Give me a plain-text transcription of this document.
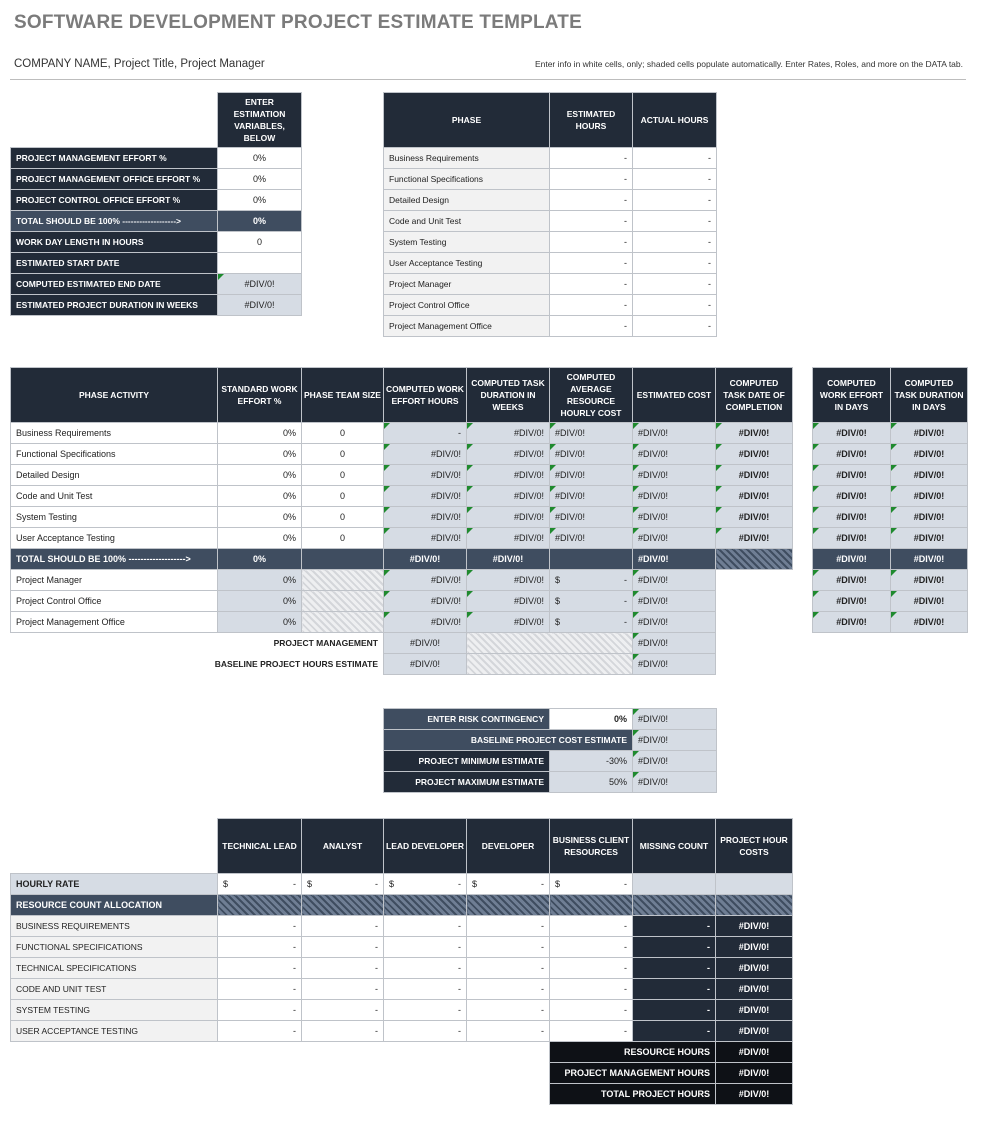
SOFTWARE DEVELOPMENT PROJECT ESTIMATE TEMPLATE
COMPANY NAME, Project Title, Project Manager	Enter info in white cells, only; shaded cells populate automatically. Enter Rates, Roles, and more on the DATA tab.
	ENTER ESTIMATION VARIABLES, BELOW
PROJECT MANAGEMENT EFFORT %	0%
PROJECT MANAGEMENT OFFICE EFFORT %	0%
PROJECT CONTROL OFFICE EFFORT %	0%
TOTAL SHOULD BE 100% ------------------->	0%
WORK DAY LENGTH IN HOURS	0
ESTIMATED START DATE	
COMPUTED ESTIMATED END DATE	#DIV/0!
ESTIMATED PROJECT DURATION IN WEEKS	#DIV/0!
PHASE	ESTIMATED HOURS	ACTUAL HOURS
Business Requirements	-	-
Functional Specifications	-	-
Detailed Design	-	-
Code and Unit Test	-	-
System Testing	-	-
User Acceptance Testing	-	-
Project Manager	-	-
Project Control Office	-	-
Project Management Office	-	-
PHASE ACTIVITY	STANDARD WORK EFFORT %	PHASE TEAM SIZE	COMPUTED WORK EFFORT HOURS	COMPUTED TASK DURATION IN WEEKS	COMPUTED AVERAGE RESOURCE HOURLY COST	ESTIMATED COST	COMPUTED TASK DATE OF COMPLETION
Business Requirements	0%	0	-	#DIV/0!	#DIV/0!	#DIV/0!	#DIV/0!
Functional Specifications	0%	0	#DIV/0!	#DIV/0!	#DIV/0!	#DIV/0!	#DIV/0!
Detailed Design	0%	0	#DIV/0!	#DIV/0!	#DIV/0!	#DIV/0!	#DIV/0!
Code and Unit Test	0%	0	#DIV/0!	#DIV/0!	#DIV/0!	#DIV/0!	#DIV/0!
System Testing	0%	0	#DIV/0!	#DIV/0!	#DIV/0!	#DIV/0!	#DIV/0!
User Acceptance Testing	0%	0	#DIV/0!	#DIV/0!	#DIV/0!	#DIV/0!	#DIV/0!
TOTAL SHOULD BE 100% ------------------->	0%		#DIV/0!	#DIV/0!		#DIV/0!	
Project Manager	0%		#DIV/0!	#DIV/0!	$ -	#DIV/0!	
Project Control Office	0%		#DIV/0!	#DIV/0!	$ -	#DIV/0!	
Project Management Office	0%		#DIV/0!	#DIV/0!	$ -	#DIV/0!	
PROJECT MANAGEMENT			#DIV/0!			#DIV/0!	
BASELINE PROJECT HOURS ESTIMATE			#DIV/0!			#DIV/0!	
COMPUTED WORK EFFORT IN DAYS	COMPUTED TASK DURATION IN DAYS
#DIV/0!	#DIV/0!
#DIV/0!	#DIV/0!
#DIV/0!	#DIV/0!
#DIV/0!	#DIV/0!
#DIV/0!	#DIV/0!
#DIV/0!	#DIV/0!
#DIV/0!	#DIV/0!
#DIV/0!	#DIV/0!
#DIV/0!	#DIV/0!
#DIV/0!	#DIV/0!
ENTER RISK CONTINGENCY	0%	#DIV/0!
BASELINE PROJECT COST ESTIMATE		#DIV/0!
PROJECT MINIMUM ESTIMATE	-30%	#DIV/0!
PROJECT MAXIMUM ESTIMATE	50%	#DIV/0!
	TECHNICAL LEAD	ANALYST	LEAD DEVELOPER	DEVELOPER	BUSINESS CLIENT RESOURCES	MISSING COUNT	PROJECT HOUR COSTS
HOURLY RATE	$ -	$ -	$ -	$ -	$ -		

RESOURCE COUNT ALLOCATION							
BUSINESS REQUIREMENTS	-	-	-	-	-	-	#DIV/0!
FUNCTIONAL SPECIFICATIONS	-	-	-	-	-	-	#DIV/0!
TECHNICAL SPECIFICATIONS	-	-	-	-	-	-	#DIV/0!
CODE AND UNIT TEST	-	-	-	-	-	-	#DIV/0!
SYSTEM TESTING	-	-	-	-	-	-	#DIV/0!
USER ACCEPTANCE TESTING	-	-	-	-	-	-	#DIV/0!
					RESOURCE HOURS		#DIV/0!
					PROJECT MANAGEMENT HOURS		#DIV/0!
					TOTAL PROJECT HOURS		#DIV/0!
